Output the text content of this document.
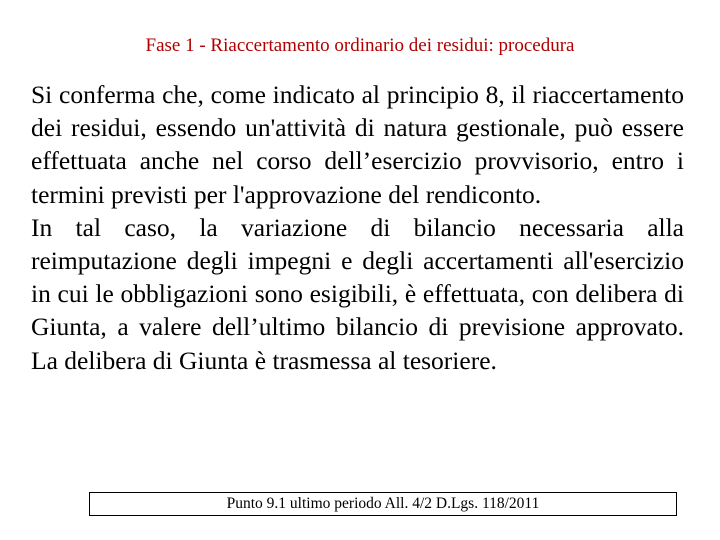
Fase 1 - Riaccertamento ordinario dei residui: procedura

Si conferma che, come indicato al principio 8, il riaccertamento dei residui, essendo un'attività di natura gestionale, può essere effettuata anche nel corso dell’esercizio provvisorio, entro i termini previsti per l'approvazione del rendiconto.

In tal caso, la variazione di bilancio necessaria alla reimputazione degli impegni e degli accertamenti all'esercizio in cui le obbligazioni sono esigibili, è effettuata, con delibera di Giunta, a valere dell’ultimo bilancio di previsione approvato. La delibera di Giunta è trasmessa al tesoriere.

Punto 9.1 ultimo periodo All. 4/2 D.Lgs. 118/2011
